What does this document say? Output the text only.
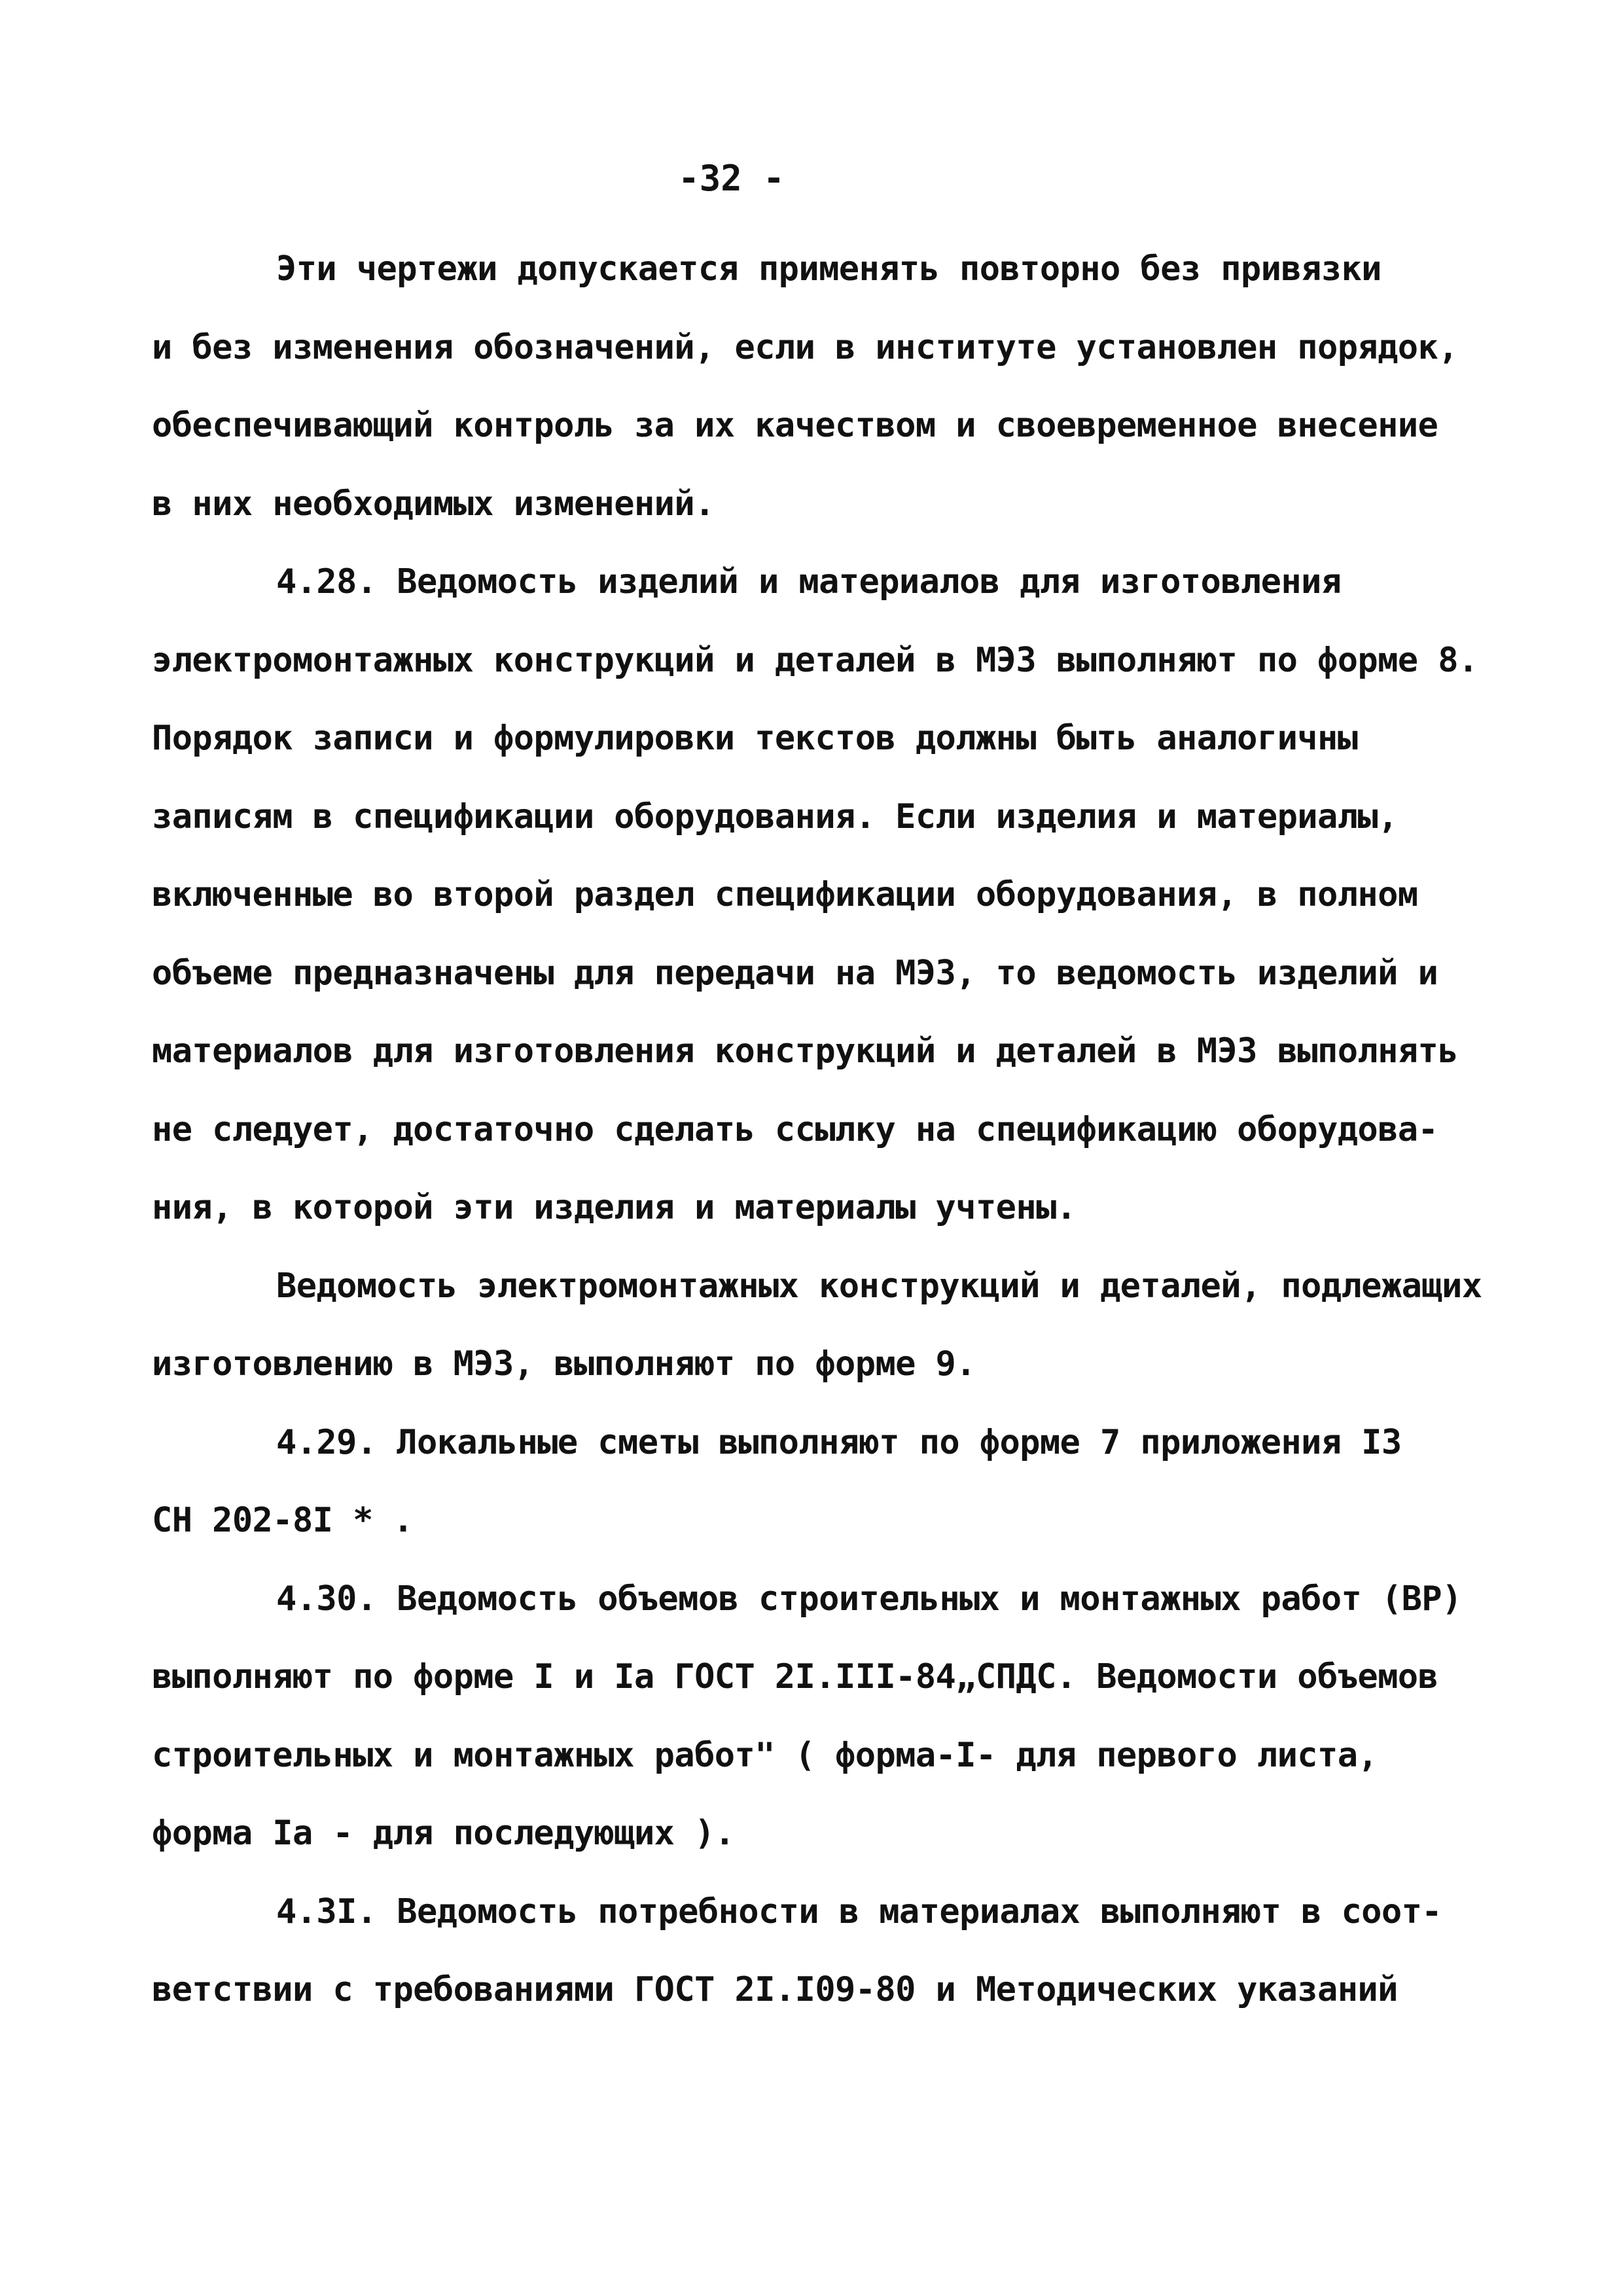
-32 -
Эти чертежи допускается применять повторно без привязки
и без изменения обозначений, если в институте установлен порядок,
обеспечивающий контроль за их качеством и своевременное внесение
в них необходимых изменений.
4.28. Ведомость изделий и материалов для изготовления
электромонтажных конструкций и деталей в МЭЗ выполняют по форме 8.
Порядок записи и формулировки текстов должны быть аналогичны
записям в спецификации оборудования. Если изделия и материалы,
включенные во второй раздел спецификации оборудования, в полном
объеме предназначены для передачи на МЭЗ, то ведомость изделий и
материалов для изготовления конструкций и деталей в МЭЗ выполнять
не следует, достаточно сделать ссылку на спецификацию оборудова-
ния, в которой эти изделия и материалы учтены.
Ведомость электромонтажных конструкций и деталей, подлежащих
изготовлению в МЭЗ, выполняют по форме 9.
4.29. Локальные сметы выполняют по форме 7 приложения I3
СН 202-8I * .
4.30. Ведомость объемов строительных и монтажных работ (ВР)
выполняют по форме I и Iа ГОСТ 2I.III-84„СПДС. Ведомости объемов
строительных и монтажных работ" ( форма-I- для первого листа,
форма Iа - для последующих ).
4.3I. Ведомость потребности в материалах выполняют в соот-
ветствии с требованиями ГОСТ 2I.I09-80 и Методических указаний
